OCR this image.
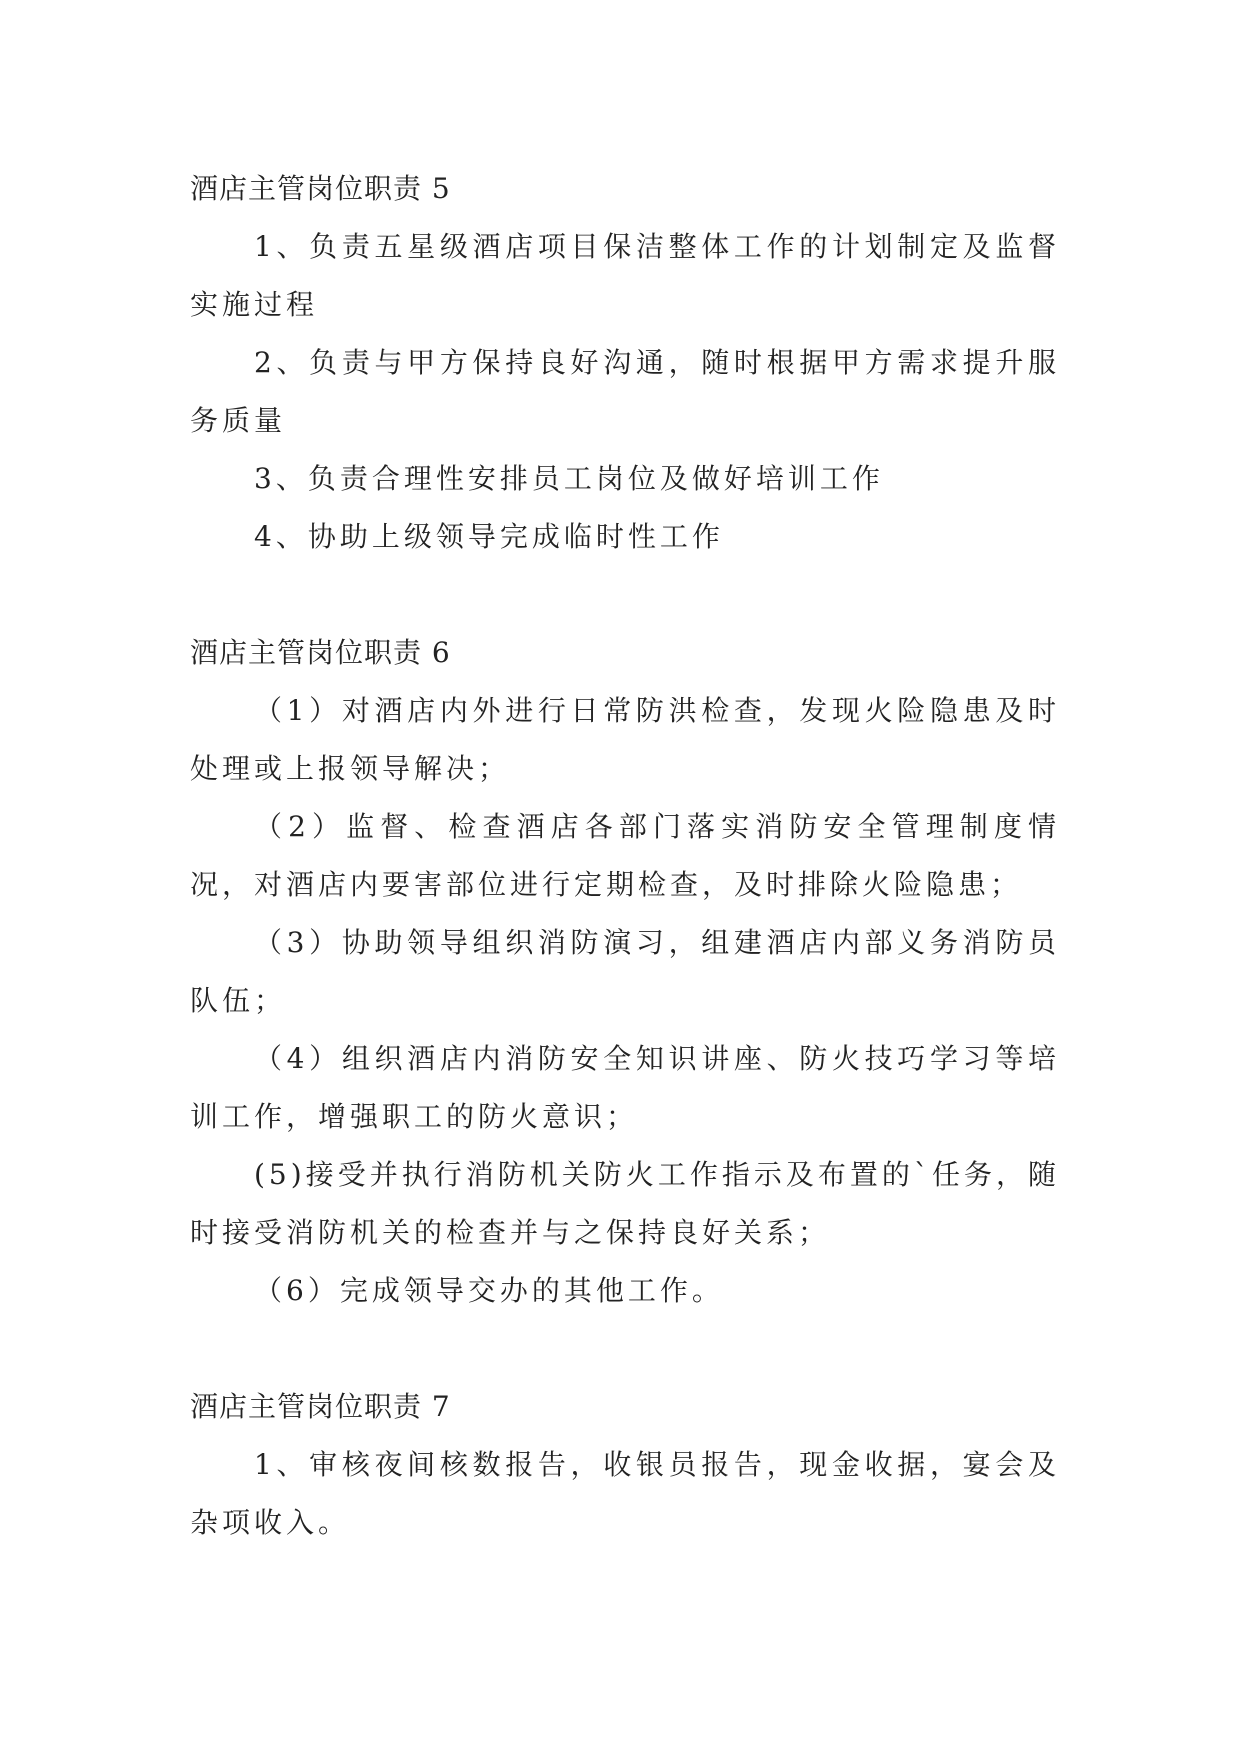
酒店主管岗位职责 5

1、负责五星级酒店项目保洁整体工作的计划制定及监督实施过程

2、负责与甲方保持良好沟通，随时根据甲方需求提升服务质量

3、负责合理性安排员工岗位及做好培训工作

4、协助上级领导完成临时性工作

酒店主管岗位职责 6

（1）对酒店内外进行日常防洪检查，发现火险隐患及时处理或上报领导解决；

（2）监督、检查酒店各部门落实消防安全管理制度情况，对酒店内要害部位进行定期检查，及时排除火险隐患；

（3）协助领导组织消防演习，组建酒店内部义务消防员队伍；

（4）组织酒店内消防安全知识讲座、防火技巧学习等培训工作，增强职工的防火意识；

(5)接受并执行消防机关防火工作指示及布置的`任务，随时接受消防机关的检查并与之保持良好关系；

（6）完成领导交办的其他工作。

酒店主管岗位职责 7

1、审核夜间核数报告，收银员报告，现金收据，宴会及杂项收入。
